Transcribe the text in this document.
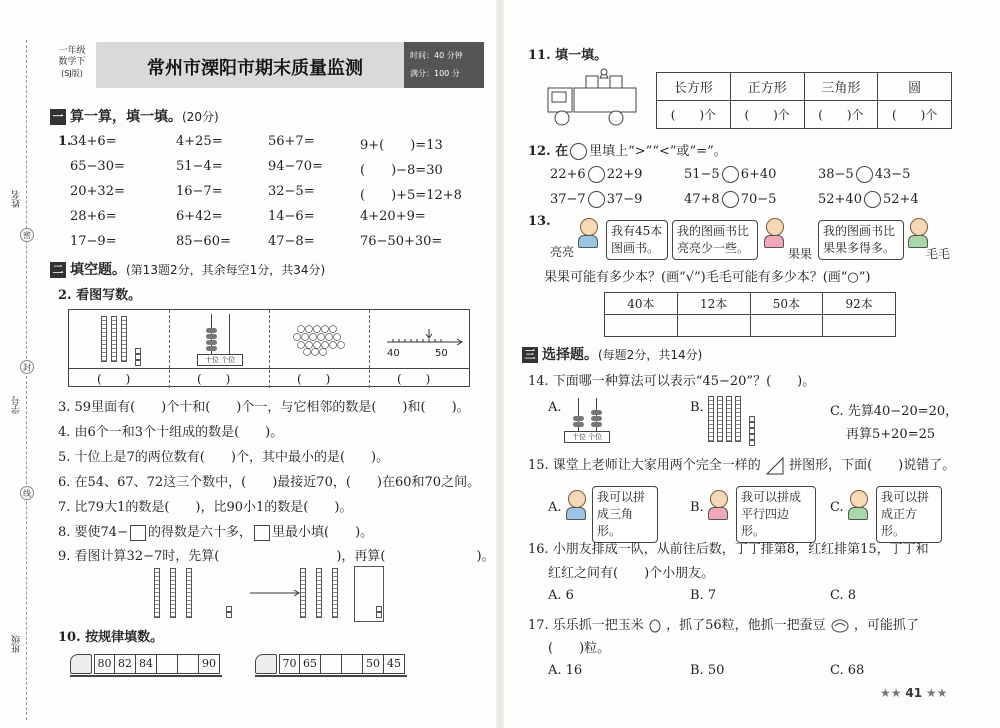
姓名
密
封
学号
线
班级
一年级
数学下
(SJ版)	常州市溧阳市期末质量监测
时间：40 分钟
满分：100 分
一 算一算，填一填。(20分)
1.
34+6=	4+25=	56+7=	9+(　　)=13
65−30=	51−4=	94−70=	(　　)−8=30
20+32=	16−7=	32−5=	(　　)+5=12+8
28+6=	6+42=	14−6=	4+20+9=
17−9=	85−60=	47−8=	76−50+30=
二 填空题。(第13题2分，其余每空1分，共34分)
2. 看图写数。

十位 个位
40	50
(　　)	(　　)	(　　)	(　　)
3. 59里面有(　　)个十和(　　)个一，与它相邻的数是(　　)和(　　)。
4. 由6个一和3个十组成的数是(　　)。
5. 十位上是7的两位数有(　　)个，其中最小的是(　　)。
6. 在54、67、72这三个数中，(　　)最接近70，(　　)在60和70之间。
7. 比79大1的数是(　　)，比90小1的数是(　　)。
8. 要使74− 的得数是六十多， 里最小填(　　)。
9. 看图计算32−7时，先算(　　　　　　　　　)，再算(　　　　　　　)。
10. 按规律填数。
80 82 84	90	70 65	50 45
11. 填一填。
长方形	正方形	三角形	圆
(　　)个	(　　)个	(　　)个	(　　)个
12. 在 里填上“>”“<”或“=”。
22+6 22+9	51−5 6+40	38−5 43−5
37−7 37−9	47+8 70−5	52+40 52+4
13.
亮亮
我有45本
图画书。
我的图画书比
亮亮少一些。	果果
我的图画书比
果果多得多。	毛毛
果果可能有多少本？(画“√”)毛毛可能有多少本？(画“○”)
40本	12本	50本	92本

三 选择题。(每题2分，共14分)
14. 下面哪一种算法可以表示“45−20”？(　　)。
A.
十位 个位
B.
	C. 先算40−20=20，
再算5+20=25
15. 课堂上老师让大家用两个完全一样的 拼图形，下面(　　)说错了。
A.
我可以拼
成三角形。
B.
我可以拼成
平行四边形。
C.
我可以拼
成正方形。
16. 小朋友排成一队，从前往后数，丁丁排第8，红红排第15，丁丁和
红红之间有(　　)个小朋友。
A. 6	B. 7	C. 8
17. 乐乐抓一把玉米 ，抓了56粒，他抓一把蚕豆 ，可能抓了
(　　)粒。
A. 16	B. 50	C. 68
★★ 41 ★★
